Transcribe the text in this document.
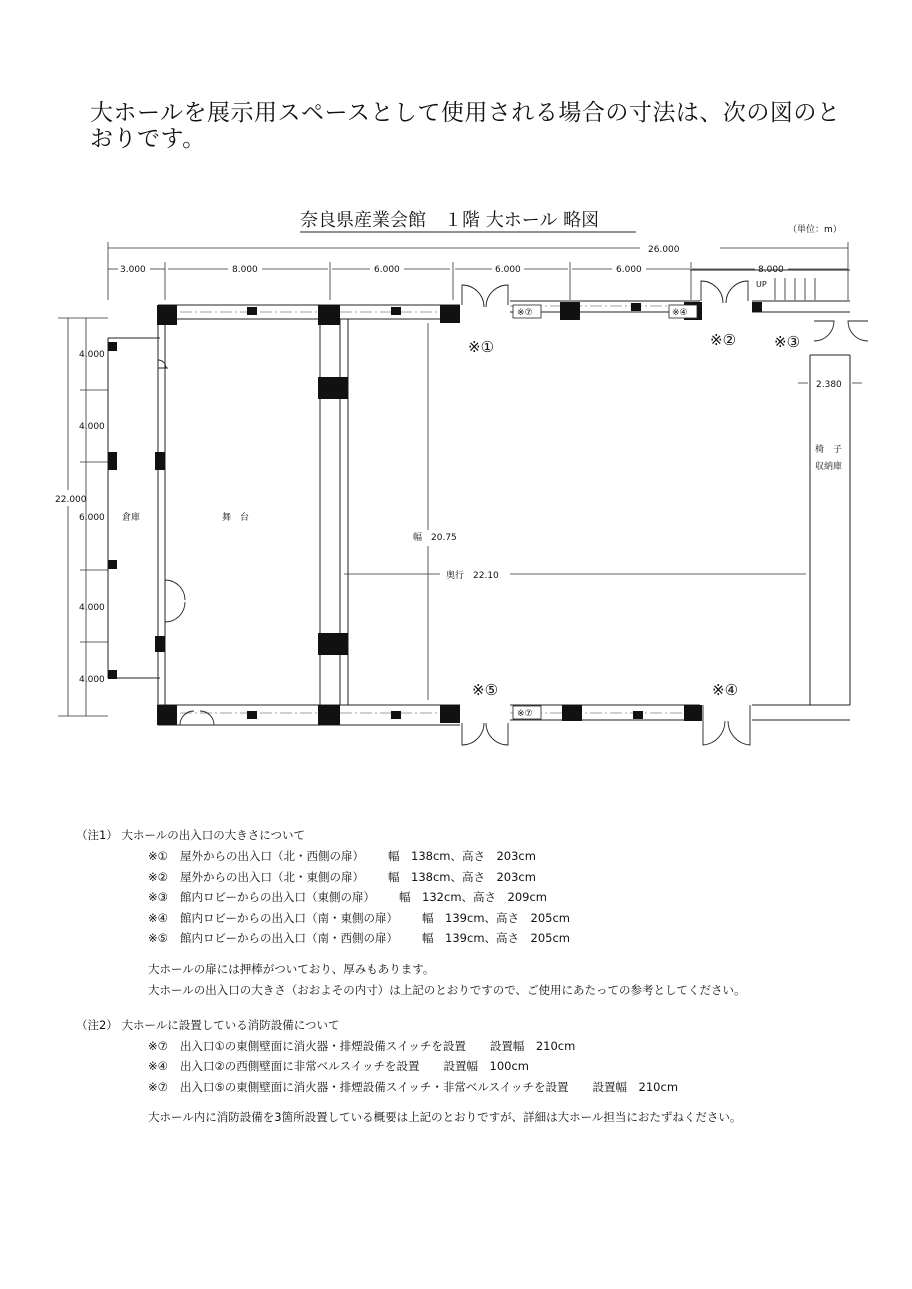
大ホールを展示用スペースとして使用される場合の寸法は、次の図のとおりです。
奈良県産業会館　１階 大ホール 略図	（単位：m）
26.000
3.000	8.000	6.000	6.000	6.000	8.000
22.000
4.000
4.000
6.000
4.000
4.000
UP
※⑦	※④
※⑦
※①	※②	※③
※④
※⑤
2.380
倉庫	舞　台
椅　子
収納庫
幅　20.75
奥行　22.10
（注1） 大ホールの出入口の大きさについて
※① 屋外からの出入口（北・西側の扉） 幅　138cm、高さ　203cm
※② 屋外からの出入口（北・東側の扉） 幅　138cm、高さ　203cm
※③ 館内ロビーからの出入口（東側の扉） 幅　132cm、高さ　209cm
※④ 館内ロビーからの出入口（南・東側の扉） 幅　139cm、高さ　205cm
※⑤ 館内ロビーからの出入口（南・西側の扉） 幅　139cm、高さ　205cm
大ホールの扉には押棒がついており、厚みもあります。
大ホールの出入口の大きさ（おおよその内寸）は上記のとおりですので、ご使用にあたっての参考としてください。
（注2） 大ホールに設置している消防設備について
※⑦ 出入口①の東側壁面に消火器・排煙設備スイッチを設置 設置幅　210cm
※④ 出入口②の西側壁面に非常ベルスイッチを設置 設置幅　100cm
※⑦ 出入口⑤の東側壁面に消火器・排煙設備スイッチ・非常ベルスイッチを設置 設置幅　210cm
大ホール内に消防設備を3箇所設置している概要は上記のとおりですが、詳細は大ホール担当におたずねください。
